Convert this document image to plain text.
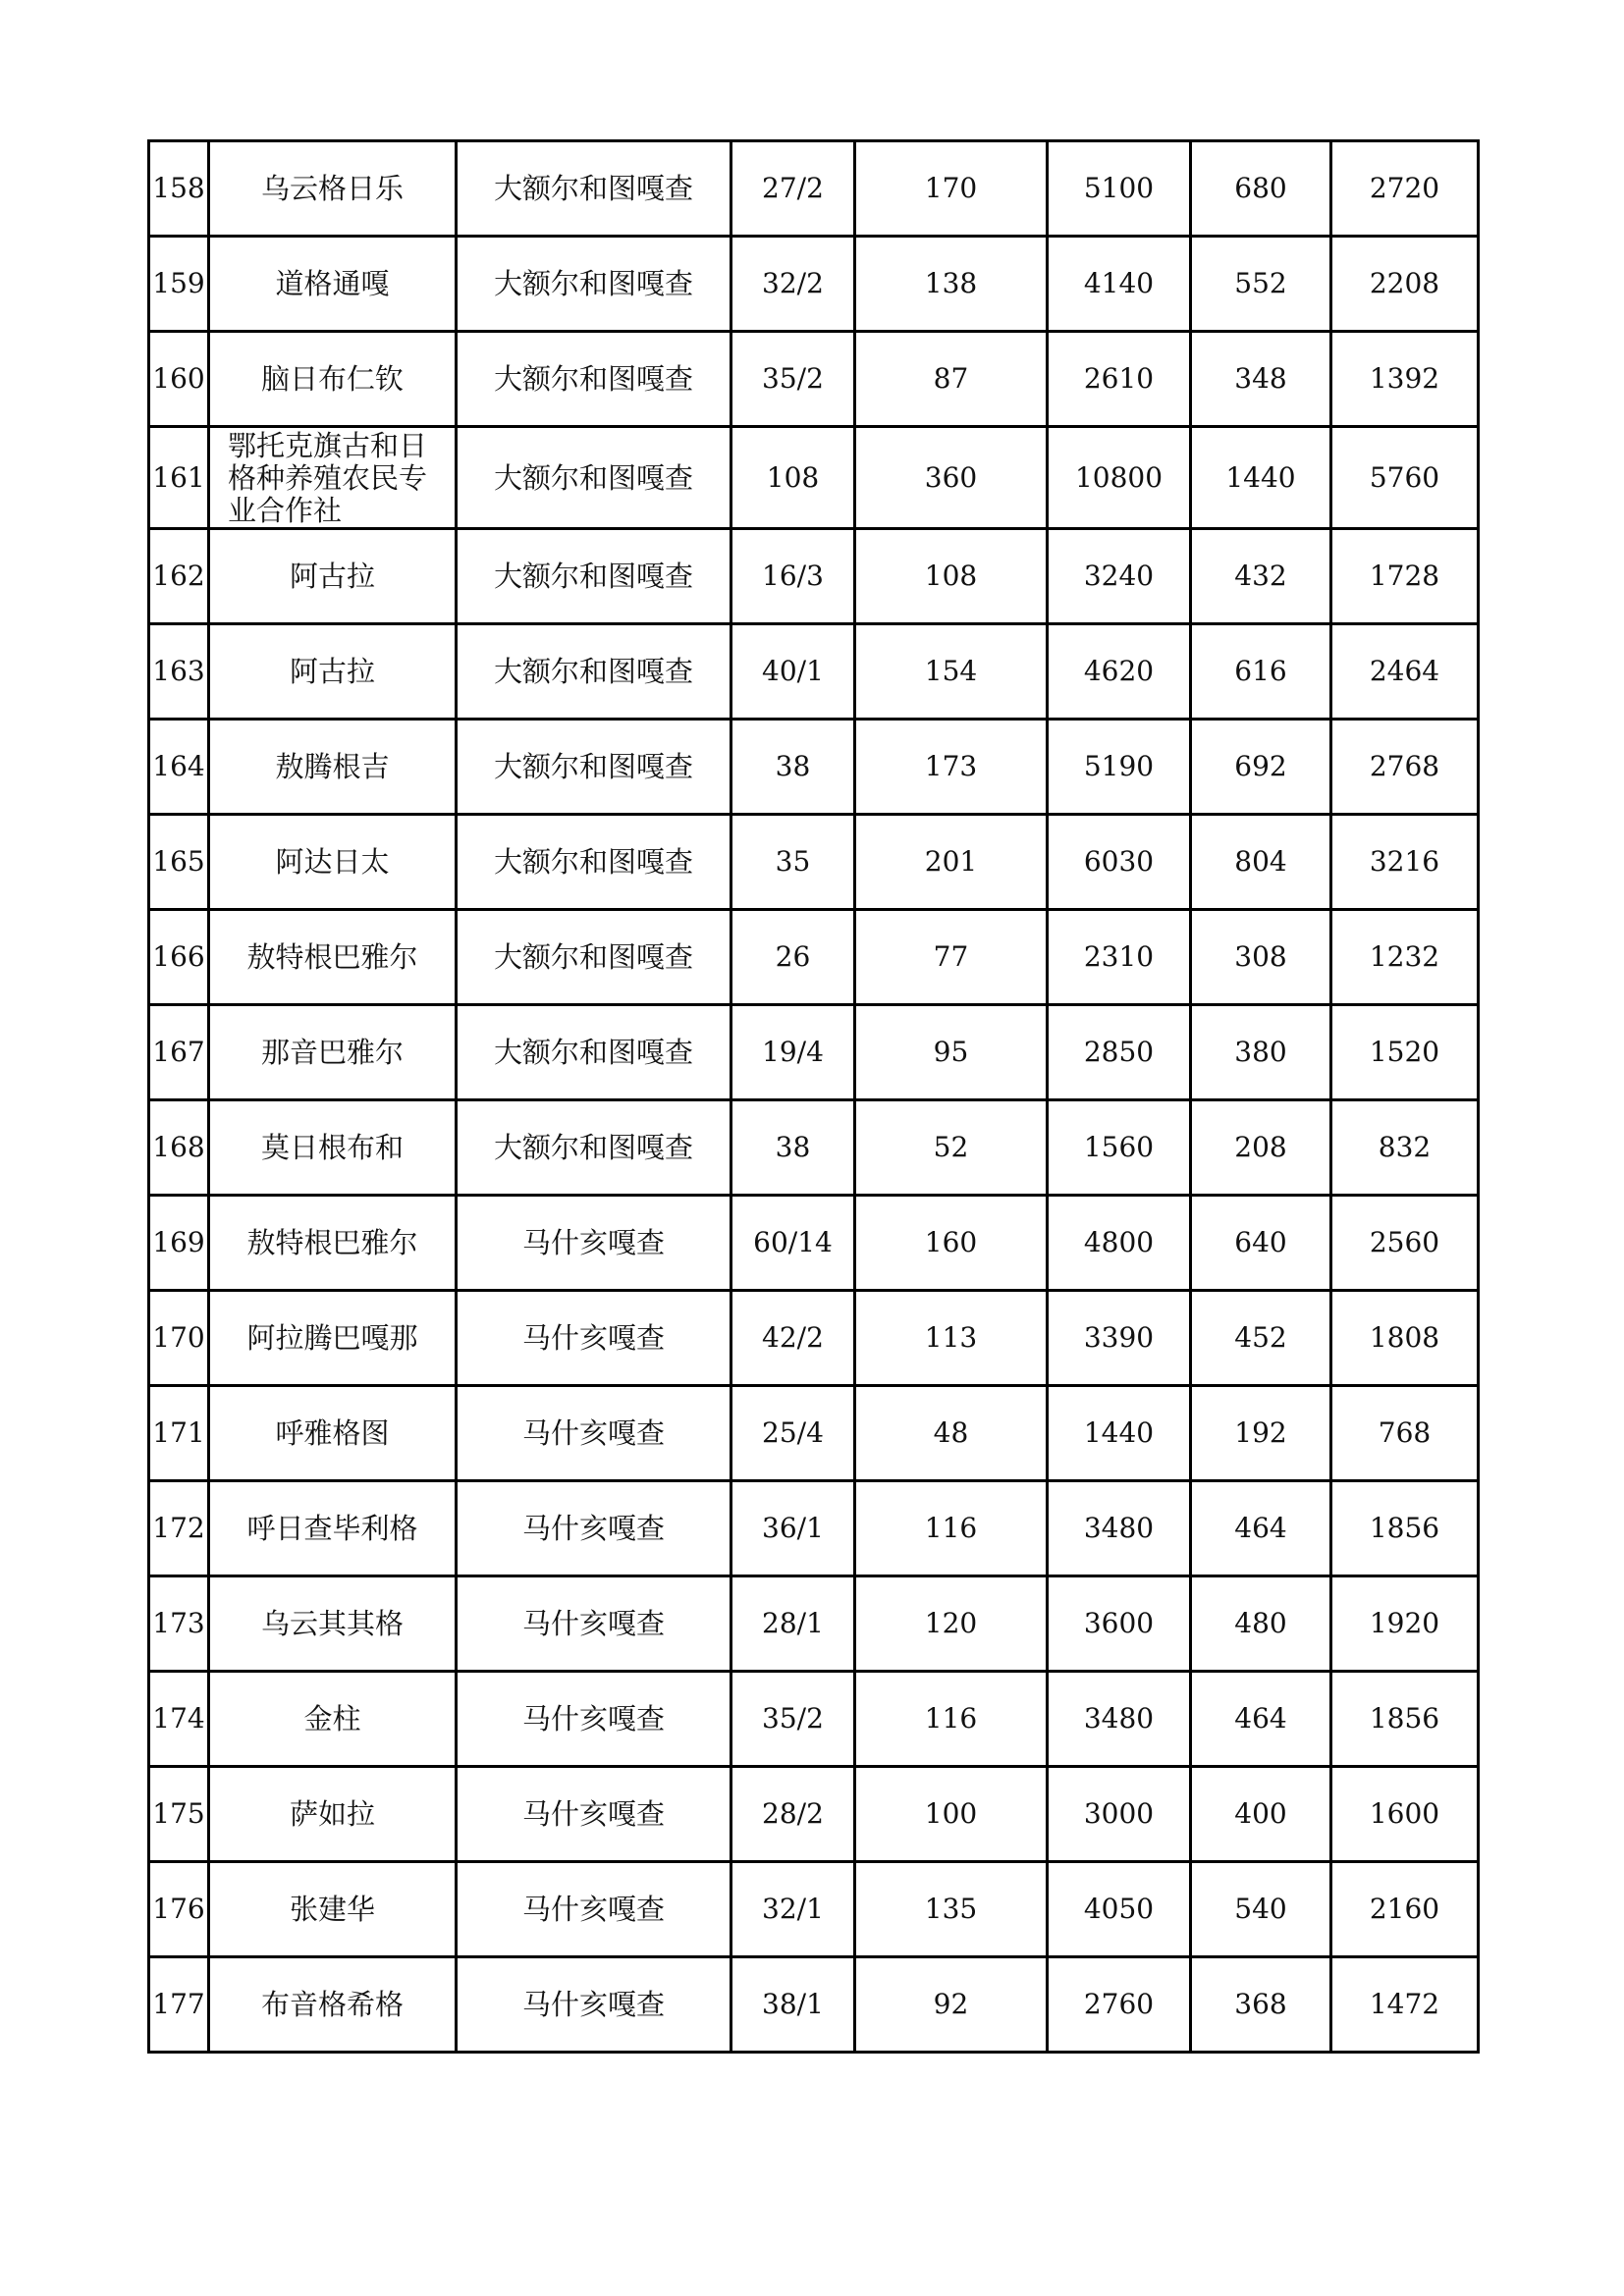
158	乌云格日乐	大额尔和图嘎查	27/2	170	5100	680	2720
159	道格通嘎	大额尔和图嘎查	32/2	138	4140	552	2208
160	脑日布仁钦	大额尔和图嘎查	35/2	87	2610	348	1392
161	鄂托克旗古和日格种养殖农民专业合作社	大额尔和图嘎查	108	360	10800	1440	5760
162	阿古拉	大额尔和图嘎查	16/3	108	3240	432	1728
163	阿古拉	大额尔和图嘎查	40/1	154	4620	616	2464
164	敖腾根吉	大额尔和图嘎查	38	173	5190	692	2768
165	阿达日太	大额尔和图嘎查	35	201	6030	804	3216
166	敖特根巴雅尔	大额尔和图嘎查	26	77	2310	308	1232
167	那音巴雅尔	大额尔和图嘎查	19/4	95	2850	380	1520
168	莫日根布和	大额尔和图嘎查	38	52	1560	208	832
169	敖特根巴雅尔	马什亥嘎查	60/14	160	4800	640	2560
170	阿拉腾巴嘎那	马什亥嘎查	42/2	113	3390	452	1808
171	呼雅格图	马什亥嘎查	25/4	48	1440	192	768
172	呼日查毕利格	马什亥嘎查	36/1	116	3480	464	1856
173	乌云其其格	马什亥嘎查	28/1	120	3600	480	1920
174	金柱	马什亥嘎查	35/2	116	3480	464	1856
175	萨如拉	马什亥嘎查	28/2	100	3000	400	1600
176	张建华	马什亥嘎查	32/1	135	4050	540	2160
177	布音格希格	马什亥嘎查	38/1	92	2760	368	1472
